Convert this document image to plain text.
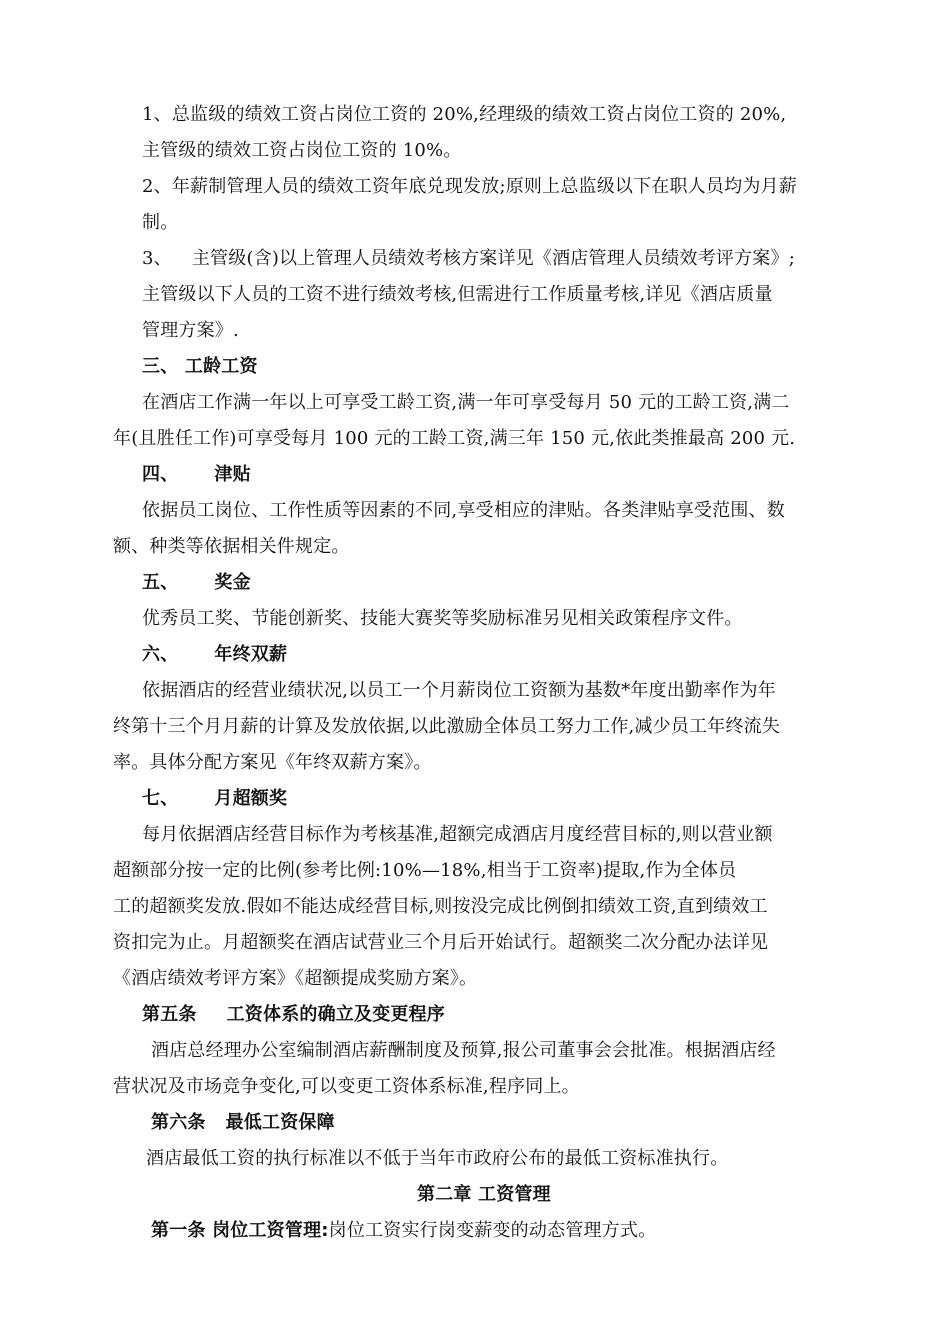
1、总监级的绩效工资占岗位工资的 20%,经理级的绩效工资占岗位工资的 20%,
主管级的绩效工资占岗位工资的 10%。
2、年薪制管理人员的绩效工资年底兑现发放;原则上总监级以下在职人员均为月薪
制。
3、 主管级(含)以上管理人员绩效考核方案详见《酒店管理人员绩效考评方案》;
主管级以下人员的工资不进行绩效考核,但需进行工作质量考核,详见《酒店质量
管理方案》.
三、 工龄工资
在酒店工作满一年以上可享受工龄工资,满一年可享受每月 50 元的工龄工资,满二
年(且胜任工作)可享受每月 100 元的工龄工资,满三年 150 元,依此类推最高 200 元.
四、 津贴
依据员工岗位、工作性质等因素的不同,享受相应的津贴。各类津贴享受范围、数
额、种类等依据相关件规定。
五、 奖金
优秀员工奖、节能创新奖、技能大赛奖等奖励标准另见相关政策程序文件。
六、 年终双薪
依据酒店的经营业绩状况,以员工一个月薪岗位工资额为基数*年度出勤率作为年
终第十三个月月薪的计算及发放依据,以此激励全体员工努力工作,减少员工年终流失
率。具体分配方案见《年终双薪方案》。
七、 月超额奖
每月依据酒店经营目标作为考核基准,超额完成酒店月度经营目标的,则以营业额
超额部分按一定的比例(参考比例:10%—18%,相当于工资率)提取,作为全体员
工的超额奖发放.假如不能达成经营目标,则按没完成比例倒扣绩效工资,直到绩效工
资扣完为止。月超额奖在酒店试营业三个月后开始试行。超额奖二次分配办法详见
《酒店绩效考评方案》《超额提成奖励方案》。
第五条 工资体系的确立及变更程序
酒店总经理办公室编制酒店薪酬制度及预算,报公司董事会会批准。根据酒店经
营状况及市场竞争变化,可以变更工资体系标准,程序同上。
第六条 最低工资保障
酒店最低工资的执行标准以不低于当年市政府公布的最低工资标准执行。
第二章 工资管理
第一条 岗位工资管理:岗位工资实行岗变薪变的动态管理方式。
